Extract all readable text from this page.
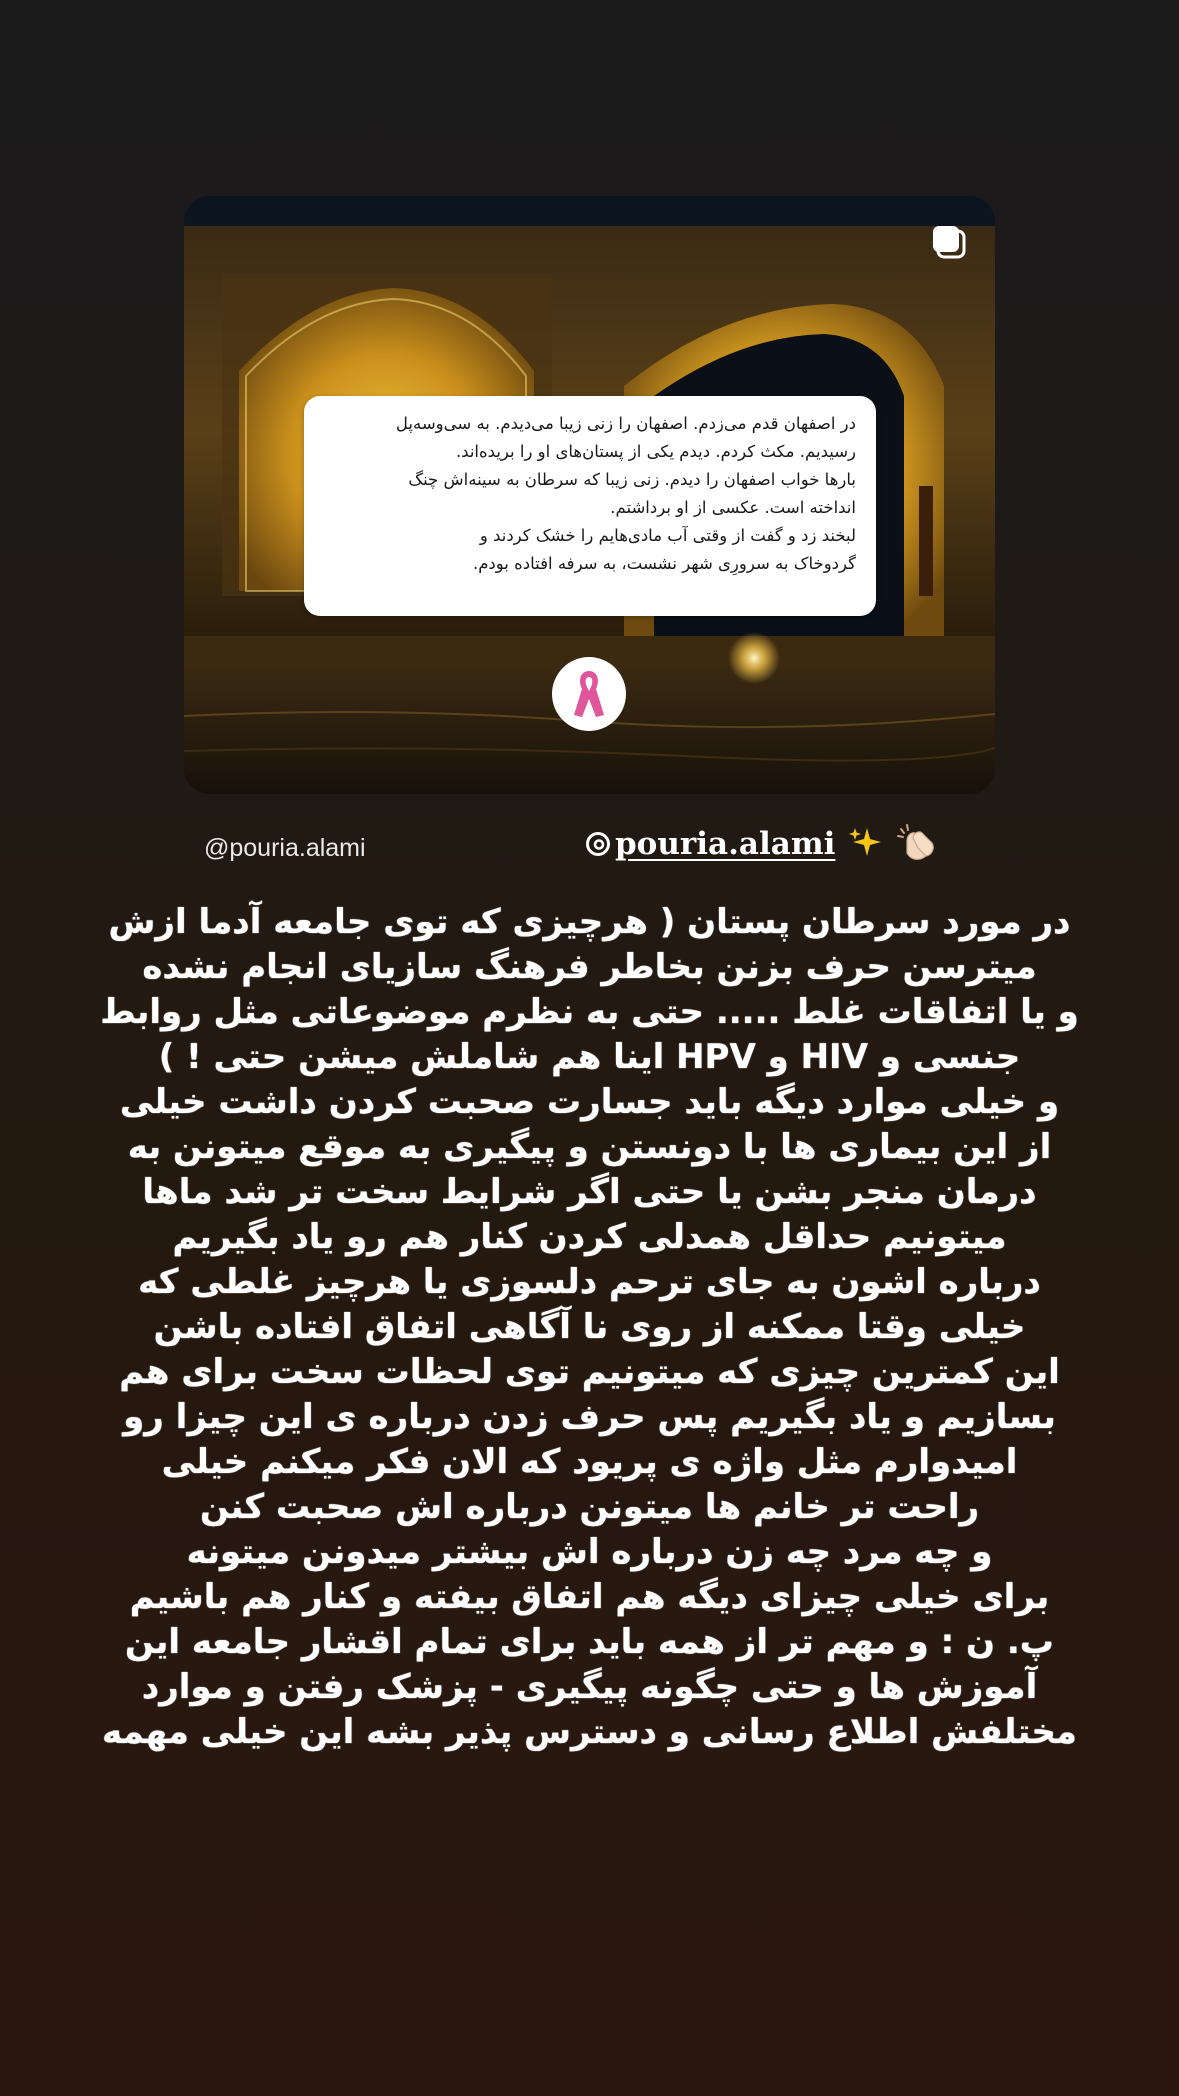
در اصفهان قدم می‌زدم. اصفهان را زنی زیبا می‌دیدم. به سی‌وسه‌پل
رسیدیم. مکث کردم. دیدم یکی از پستان‌های او را بریده‌اند.
بارها خواب اصفهان را دیدم. زنی زیبا که سرطان به سینه‌اش چنگ
انداخته است. عکسی از او برداشتم.
لبخند زد و گفت از وقتی آب مادی‌هایم را خشک کردند و
گردوخاک به سرورِی شهر نشست، به سرفه افتاده بودم.
@pouria.alami	pouria.alami
در مورد سرطان پستان ( هرچیزی که توی جامعه آدما ازش
میترسن حرف بزنن بخاطر فرهنگ سازیای انجام نشده
و یا اتفاقات غلط ..... حتی به نظرم موضوعاتی مثل روابط
جنسی و HIV و HPV اینا هم شاملش میشن حتی ! )
و خیلی موارد دیگه باید جسارت صحبت کردن داشت خیلی
از این بیماری ها با دونستن و پیگیری به موقع میتونن به
درمان منجر بشن یا حتی اگر شرایط سخت تر شد ماها
میتونیم حداقل همدلی کردن کنار هم رو یاد بگیریم
درباره اشون به جای ترحم دلسوزی یا هرچیز غلطی که
خیلی وقتا ممکنه از روی نا آگاهی اتفاق افتاده باشن
این کمترین چیزی که میتونیم توی لحظات سخت برای هم
بسازیم و یاد بگیریم پس حرف زدن درباره ی این چیزا رو
امیدوارم مثل واژه ی پریود که الان فکر میکنم خیلی
راحت تر خانم ها میتونن درباره اش صحبت کنن
و چه مرد چه زن درباره اش بیشتر میدونن میتونه
برای خیلی چیزای دیگه هم اتفاق بیفته و کنار هم باشیم
پ. ن : و مهم تر از همه باید برای تمام اقشار جامعه این
آموزش ها و حتی چگونه پیگیری - پزشک رفتن و موارد
مختلفش اطلاع رسانی و دسترس پذیر بشه این خیلی مهمه
